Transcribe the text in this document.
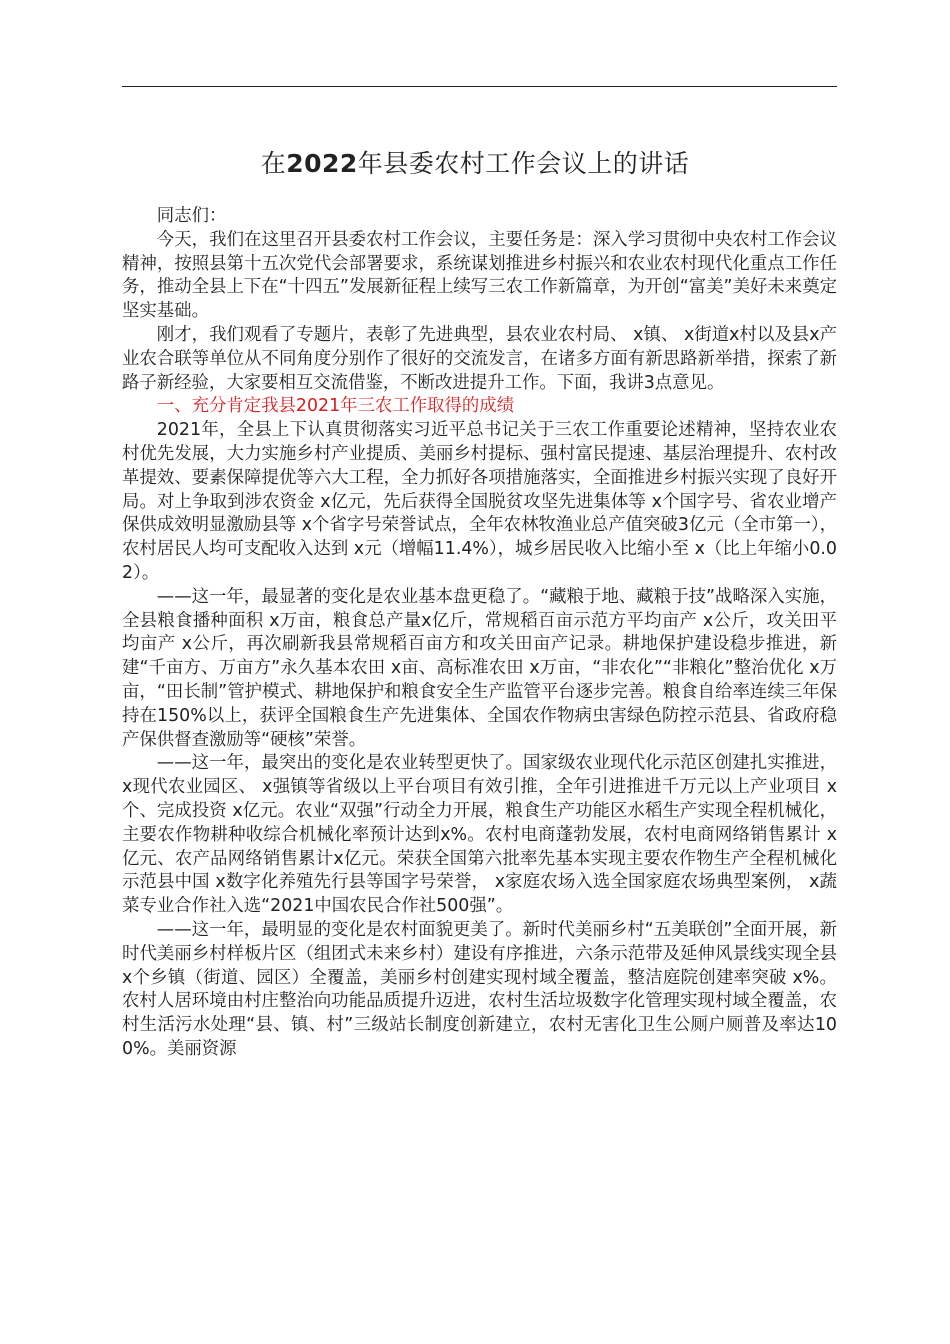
在2022年县委农村工作会议上的讲话

同志们：

今天，我们在这里召开县委农村工作会议，主要任务是：深入学习贯彻中央农村工作会议精神，按照县第十五次党代会部署要求，系统谋划推进乡村振兴和农业农村现代化重点工作任务，推动全县上下在“十四五”发展新征程上续写三农工作新篇章，为开创“富美”美好未来奠定坚实基础。

刚才，我们观看了专题片，表彰了先进典型，县农业农村局、 x镇、 x街道x村以及县x产业农合联等单位从不同角度分别作了很好的交流发言，在诸多方面有新思路新举措，探索了新路子新经验，大家要相互交流借鉴，不断改进提升工作。下面，我讲3点意见。

一、充分肯定我县2021年三农工作取得的成绩

2021年，全县上下认真贯彻落实习近平总书记关于三农工作重要论述精神，坚持农业农村优先发展，大力实施乡村产业提质、美丽乡村提标、强村富民提速、基层治理提升、农村改革提效、要素保障提优等六大工程，全力抓好各项措施落实，全面推进乡村振兴实现了良好开局。对上争取到涉农资金 x亿元，先后获得全国脱贫攻坚先进集体等 x个国字号、省农业增产保供成效明显激励县等 x个省字号荣誉试点，全年农林牧渔业总产值突破3亿元（全市第一），农村居民人均可支配收入达到 x元（增幅11.4%），城乡居民收入比缩小至 x（比上年缩小0.02）。

——这一年，最显著的变化是农业基本盘更稳了。“藏粮于地、藏粮于技”战略深入实施，全县粮食播种面积 x万亩，粮食总产量x亿斤，常规稻百亩示范方平均亩产 x公斤，攻关田平均亩产 x公斤，再次刷新我县常规稻百亩方和攻关田亩产记录。耕地保护建设稳步推进，新建“千亩方、万亩方”永久基本农田 x亩、高标准农田 x万亩，“非农化”“非粮化”整治优化 x万亩，“田长制”管护模式、耕地保护和粮食安全生产监管平台逐步完善。粮食自给率连续三年保持在150%以上，获评全国粮食生产先进集体、全国农作物病虫害绿色防控示范县、省政府稳产保供督查激励等“硬核”荣誉。

——这一年，最突出的变化是农业转型更快了。国家级农业现代化示范区创建扎实推进， x现代农业园区、 x强镇等省级以上平台项目有效引推，全年引进推进千万元以上产业项目 x个、完成投资 x亿元。农业“双强”行动全力开展，粮食生产功能区水稻生产实现全程机械化，主要农作物耕种收综合机械化率预计达到x%。农村电商蓬勃发展，农村电商网络销售累计 x亿元、农产品网络销售累计x亿元。荣获全国第六批率先基本实现主要农作物生产全程机械化示范县中国 x数字化养殖先行县等国字号荣誉， x家庭农场入选全国家庭农场典型案例， x蔬菜专业合作社入选“2021中国农民合作社500强”。

——这一年，最明显的变化是农村面貌更美了。新时代美丽乡村“五美联创”全面开展，新时代美丽乡村样板片区（组团式未来乡村）建设有序推进，六条示范带及延伸风景线实现全县 x个乡镇（街道、园区）全覆盖，美丽乡村创建实现村域全覆盖，整洁庭院创建率突破 x%。农村人居环境由村庄整治向功能品质提升迈进，农村生活垃圾数字化管理实现村域全覆盖，农村生活污水处理“县、镇、村”三级站长制度创新建立，农村无害化卫生公厕户厕普及率达100%。美丽资源
